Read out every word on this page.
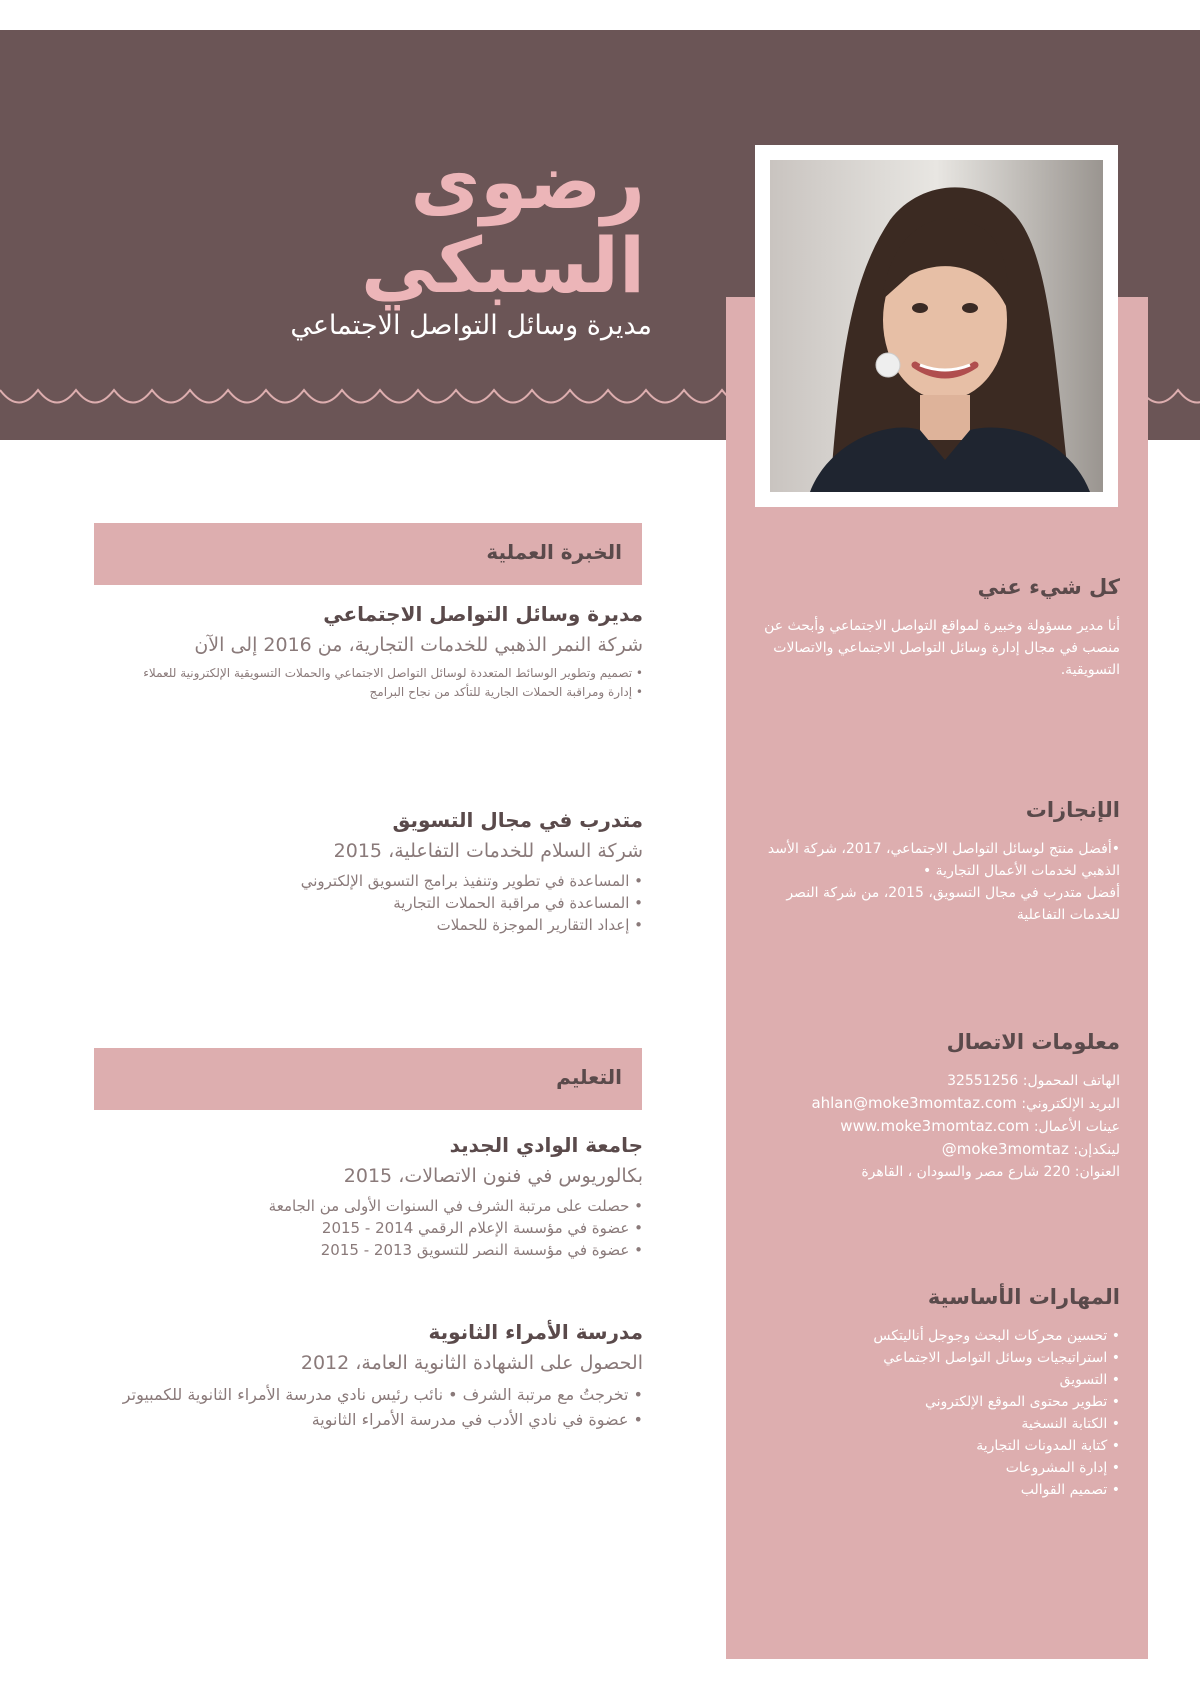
رضوى
السبكي
مديرة وسائل التواصل الاجتماعي
كل شيء عني
أنا مدير مسؤولة وخبيرة لمواقع التواصل الاجتماعي وأبحث عن منصب في مجال إدارة وسائل التواصل الاجتماعي والاتصالات التسويقية.
الإنجازات
•أفضل منتج لوسائل التواصل الاجتماعي، 2017، شركة الأسد الذهبي لخدمات الأعمال التجارية •
أفضل متدرب في مجال التسويق، 2015، من شركة النصر للخدمات التفاعلية
معلومات الاتصال
الهاتف المحمول: 32551256
البريد الإلكتروني: ahlan@moke3momtaz.com
عينات الأعمال: www.moke3momtaz.com
لينكدإن: moke3momtaz@
العنوان: 220 شارع مصر والسودان ، القاهرة
المهارات الأساسية
• تحسين محركات البحث وجوجل أناليتكس
• استراتيجيات وسائل التواصل الاجتماعي
• التسويق
• تطوير محتوى الموقع الإلكتروني
• الكتابة النسخية
• كتابة المدونات التجارية
• إدارة المشروعات
• تصميم القوالب
الخبرة العملية
مديرة وسائل التواصل الاجتماعي
شركة النمر الذهبي للخدمات التجارية، من 2016 إلى الآن
• تصميم وتطوير الوسائط المتعددة لوسائل التواصل الاجتماعي والحملات التسويقية الإلكترونية للعملاء
• إدارة ومراقبة الحملات الجارية للتأكد من نجاح البرامج
متدرب في مجال التسويق
شركة السلام للخدمات التفاعلية، 2015
• المساعدة في تطوير وتنفيذ برامج التسويق الإلكتروني
• المساعدة في مراقبة الحملات التجارية
• إعداد التقارير الموجزة للحملات
التعليم
جامعة الوادي الجديد
بكالوريوس في فنون الاتصالات، 2015
• حصلت على مرتبة الشرف في السنوات الأولى من الجامعة
• عضوة في مؤسسة الإعلام الرقمي 2014 - 2015
• عضوة في مؤسسة النصر للتسويق 2013 - 2015
مدرسة الأمراء الثانوية
الحصول على الشهادة الثانوية العامة، 2012
• تخرجتُ مع مرتبة الشرف • نائب رئيس نادي مدرسة الأمراء الثانوية للكمبيوتر
• عضوة في نادي الأدب في مدرسة الأمراء الثانوية
